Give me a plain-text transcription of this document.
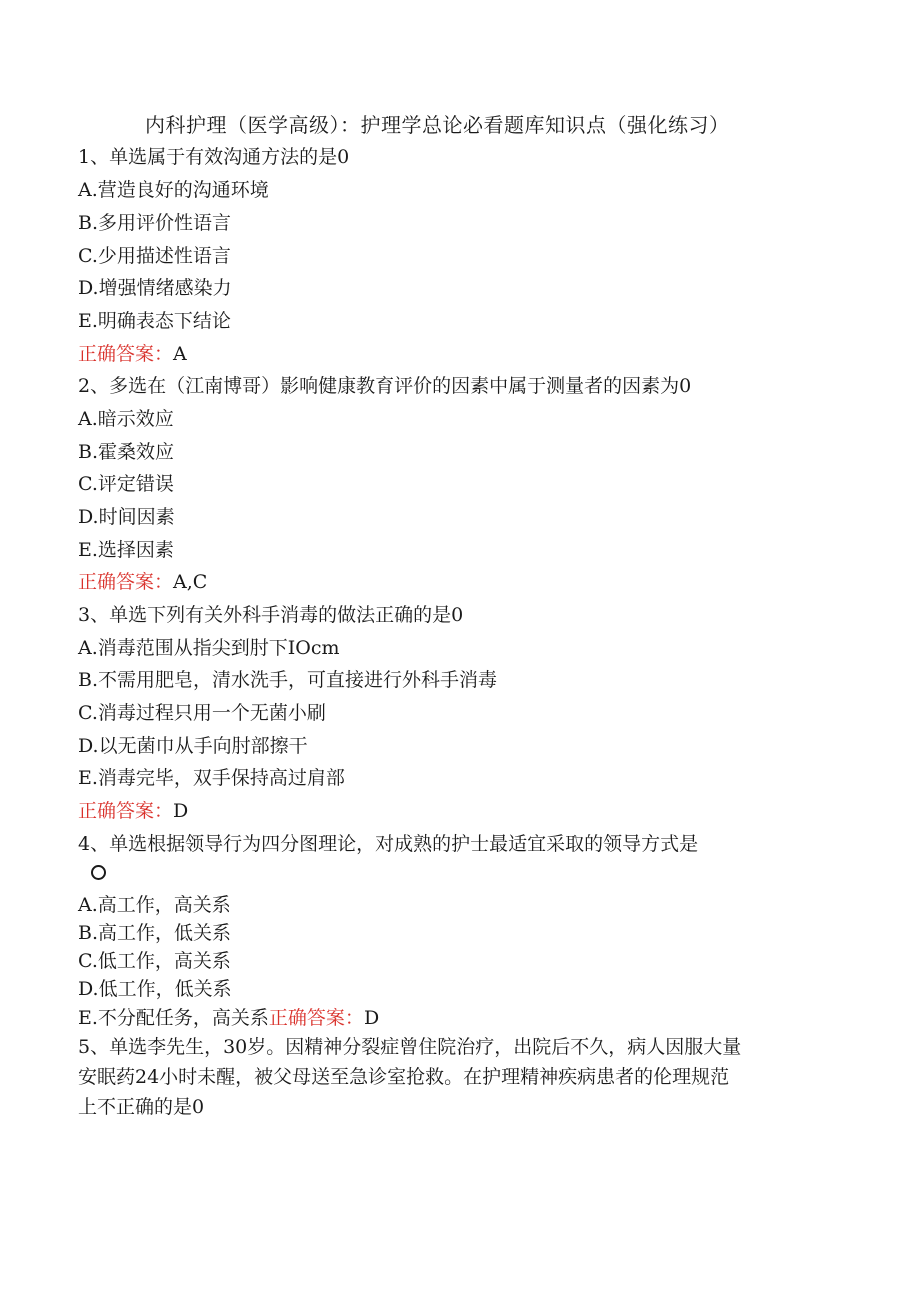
内科护理（医学高级）：护理学总论必看题库知识点（强化练习）
1、单选属于有效沟通方法的是0
A.营造良好的沟通环境
B.多用评价性语言
C.少用描述性语言
D.增强情绪感染力
E.明确表态下结论
正确答案：A
2、多选在（江南博哥）影响健康教育评价的因素中属于测量者的因素为0
A.暗示效应
B.霍桑效应
C.评定错误
D.时间因素
E.选择因素
正确答案：A,C
3、单选下列有关外科手消毒的做法正确的是0
A.消毒范围从指尖到肘下IOcm
B.不需用肥皂，清水洗手，可直接进行外科手消毒
C.消毒过程只用一个无菌小刷
D.以无菌巾从手向肘部擦干
E.消毒完毕，双手保持高过肩部
正确答案：D
4、单选根据领导行为四分图理论，对成熟的护士最适宜采取的领导方式是
A.高工作，高关系
B.高工作，低关系
C.低工作，高关系
D.低工作，低关系
E.不分配任务，高关系正确答案：D
5、单选李先生，30岁。因精神分裂症曾住院治疗，出院后不久，病人因服大量
安眠药24小时未醒，被父母送至急诊室抢救。在护理精神疾病患者的伦理规范
上不正确的是0
